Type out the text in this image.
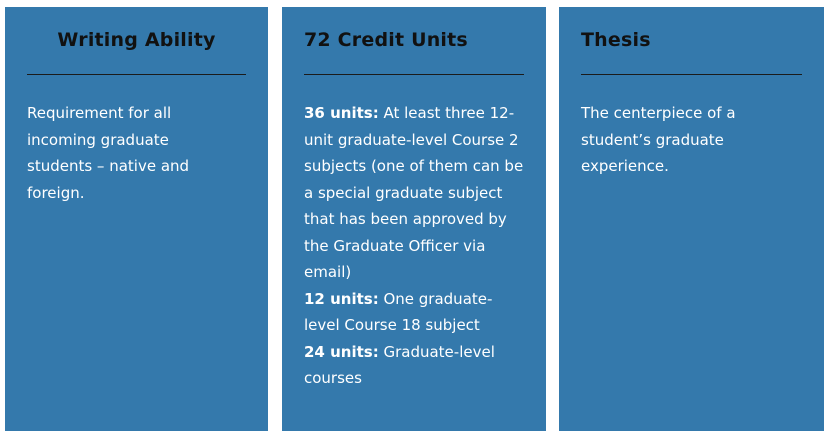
Writing Ability

Requirement for all incoming graduate students – native and foreign.

72 Credit Units

36 units: At least three 12-unit graduate-level Course 2 subjects (one of them can be a special graduate subject that has been approved by the Graduate Officer via email)

12 units: One graduate-level Course 18 subject

24 units: Graduate-level courses

Thesis

The centerpiece of a student’s graduate experience.
